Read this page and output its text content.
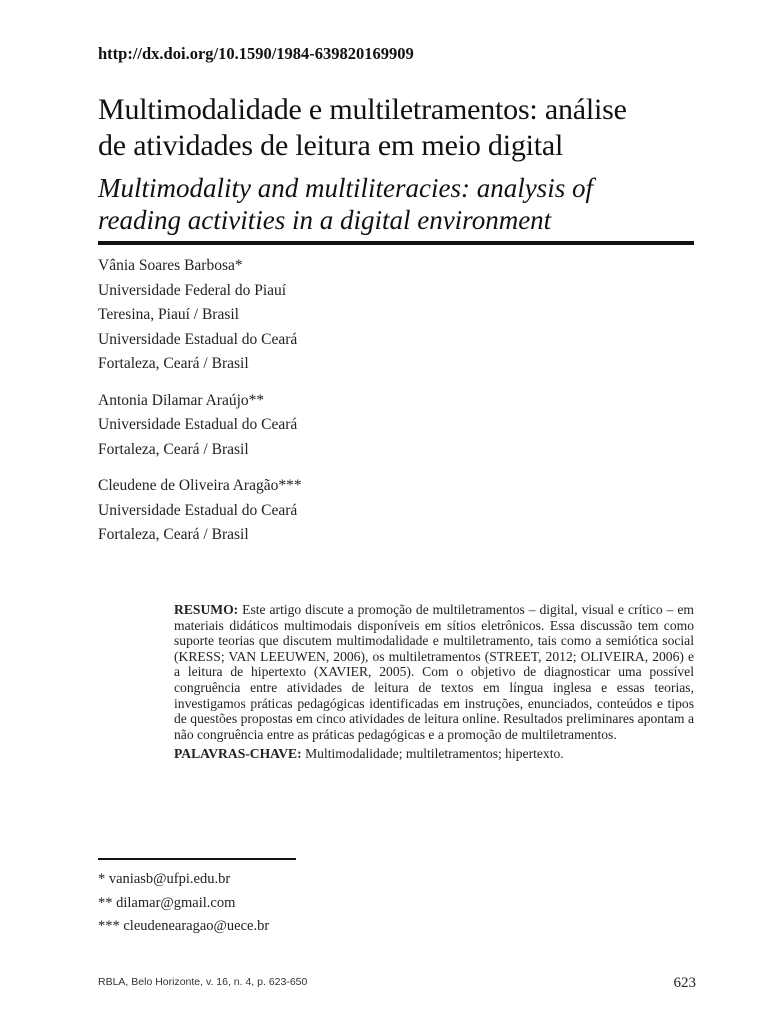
http://dx.doi.org/10.1590/1984-639820169909
Multimodalidade e multiletramentos: análise
de atividades de leitura em meio digital
Multimodality and multiliteracies: analysis of
reading activities in a digital environment
Vânia Soares Barbosa*
Universidade Federal do Piauí
Teresina, Piauí / Brasil
Universidade Estadual do Ceará
Fortaleza, Ceará / Brasil
Antonia Dilamar Araújo**
Universidade Estadual do Ceará
Fortaleza, Ceará / Brasil
Cleudene de Oliveira Aragão***
Universidade Estadual do Ceará
Fortaleza, Ceará / Brasil

RESUMO: Este artigo discute a promoção de multiletramentos – digital, visual e crítico – em materiais didáticos multimodais disponíveis em sítios eletrônicos. Essa discussão tem como suporte teorias que discutem multimodalidade e multiletramento, tais como a semiótica social (KRESS; VAN LEEUWEN, 2006), os multiletramentos (STREET, 2012; OLIVEIRA, 2006) e a leitura de hipertexto (XAVIER, 2005). Com o objetivo de diagnosticar uma possível congruência entre atividades de leitura de textos em língua inglesa e essas teorias, investigamos práticas pedagógicas identificadas em instruções, enunciados, conteúdos e tipos de questões propostas em cinco atividades de leitura online. Resultados preliminares apontam a não congruência entre as práticas pedagógicas e a promoção de multiletramentos.

PALAVRAS-CHAVE: Multimodalidade; multiletramentos; hipertexto.

* vaniasb@ufpi.edu.br
** dilamar@gmail.com
*** cleudenearagao@uece.br
RBLA, Belo Horizonte, v. 16, n. 4, p. 623-650	623
